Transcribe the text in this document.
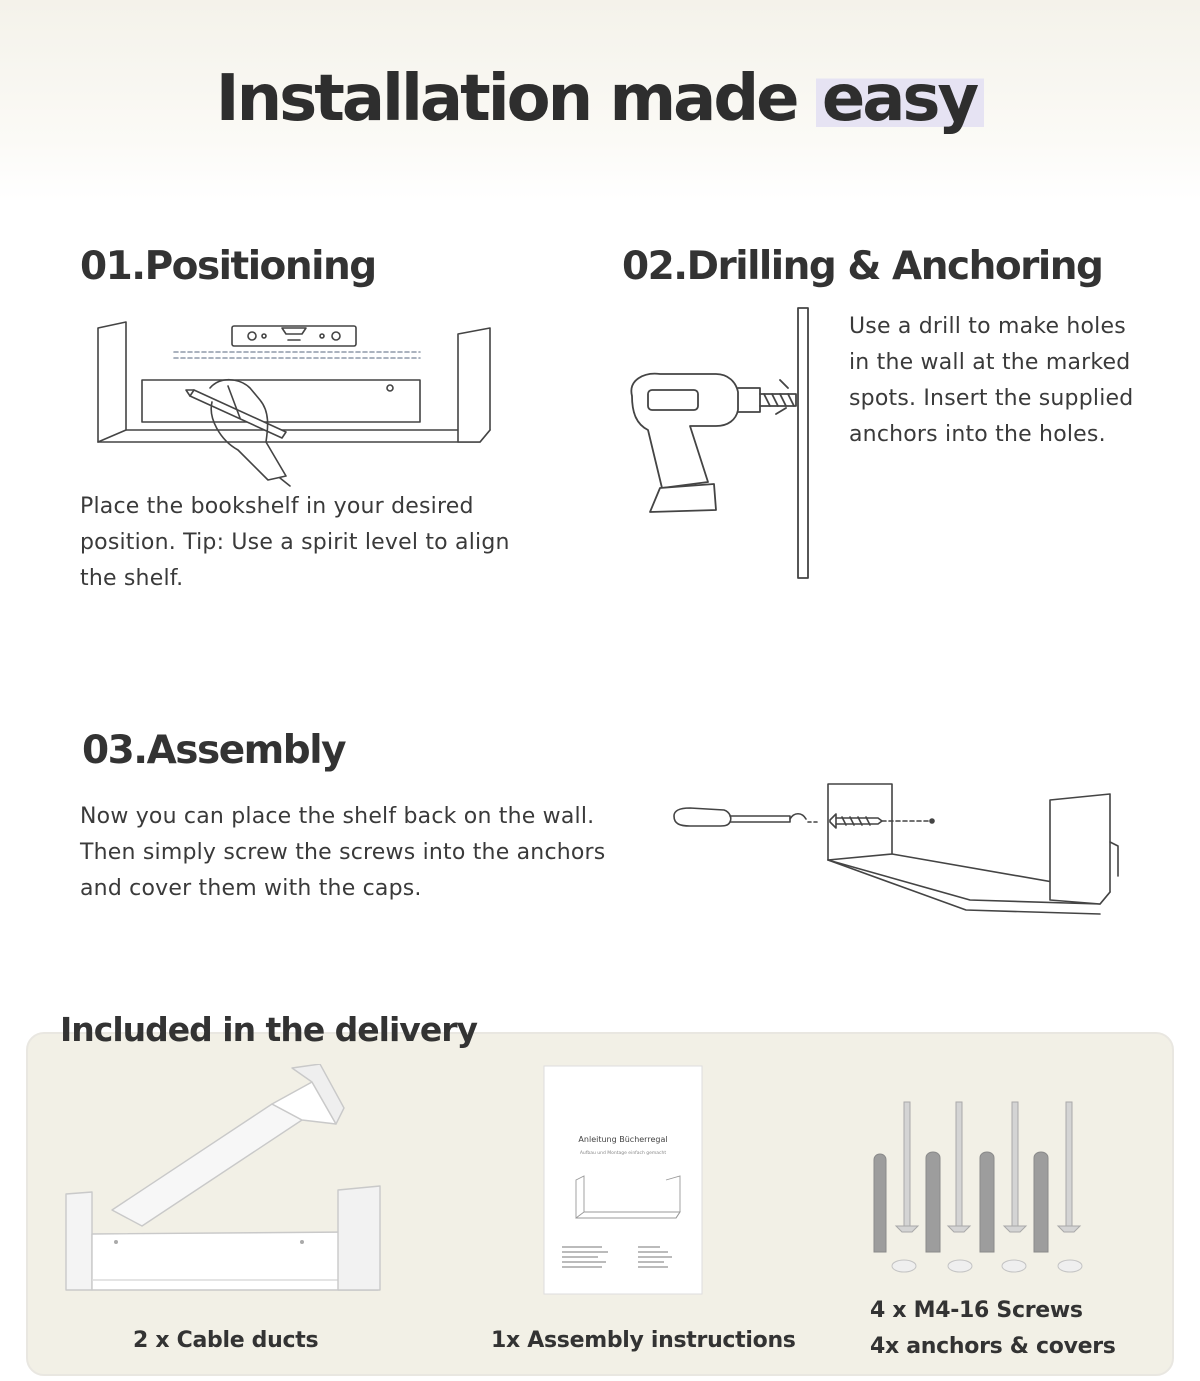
Installation made easy
01.Positioning

Place the bookshelf in your desired position. Tip: Use a spirit level to align the shelf.

02.Drilling & Anchoring

Use a drill to make holes in the wall at the marked spots. Insert the supplied anchors into the holes.

03.Assembly

Now you can place the shelf back on the wall. Then simply screw the screws into the anchors and cover them with the caps.

Included in the delivery
2 x Cable ducts
Anleitung Bücherregal
Aufbau und Montage einfach gemacht
1x Assembly instructions
4 x M4-16 Screws
4x anchors & covers
